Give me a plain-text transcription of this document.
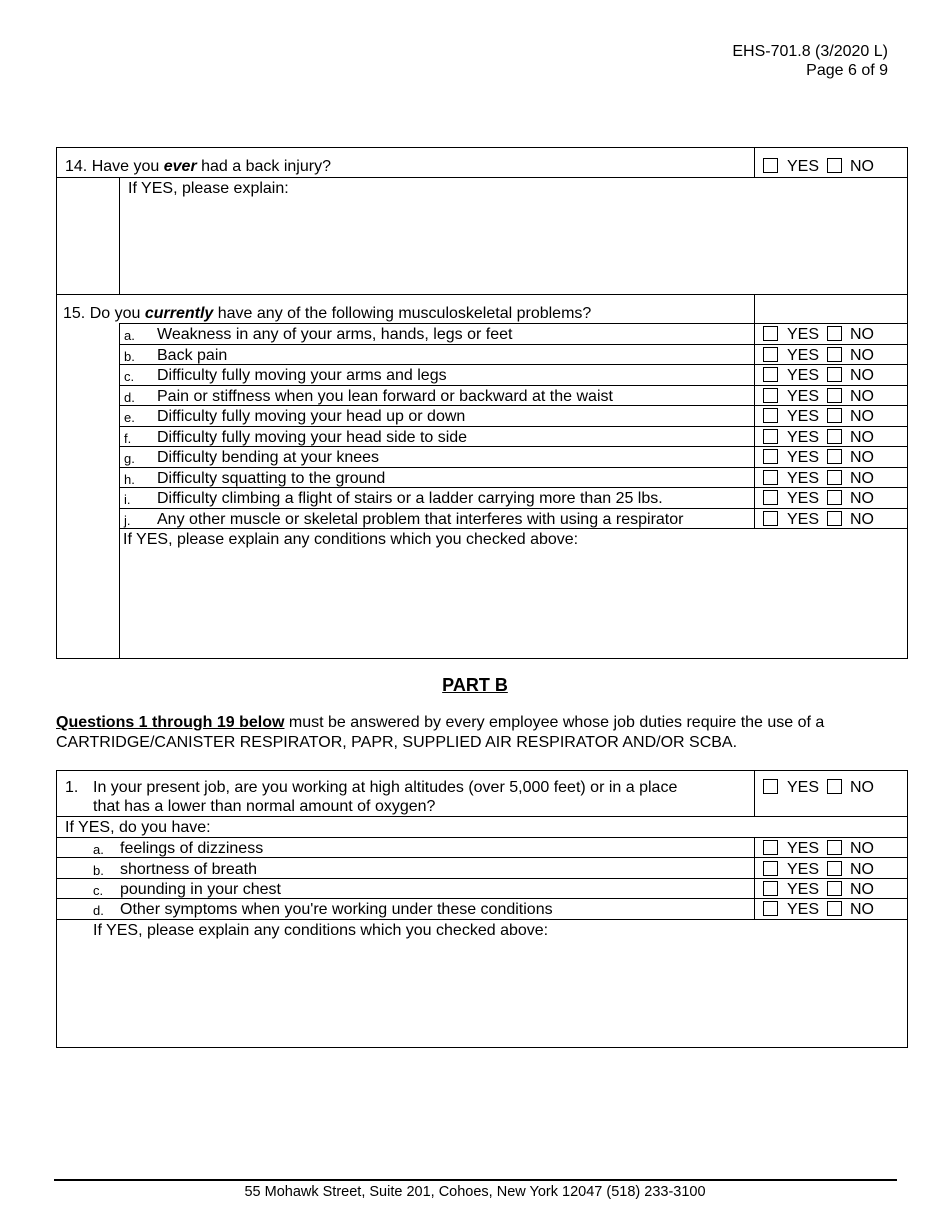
EHS-701.8 (3/2020 L)
Page 6 of 9
14. Have you ever had a back injury?	YES NO
If YES, please explain:
15. Do you currently have any of the following musculoskeletal problems?
a. Weakness in any of your arms, hands, legs or feet	YES NO
b. Back pain	YES NO
c. Difficulty fully moving your arms and legs	YES NO
d. Pain or stiffness when you lean forward or backward at the waist	YES NO
e. Difficulty fully moving your head up or down	YES NO
f. Difficulty fully moving your head side to side	YES NO
g. Difficulty bending at your knees	YES NO
h. Difficulty squatting to the ground	YES NO
i. Difficulty climbing a flight of stairs or a ladder carrying more than 25 lbs.	YES NO
j. Any other muscle or skeletal problem that interferes with using a respirator	YES NO
If YES, please explain any conditions which you checked above:
PART B
Questions 1 through 19 below must be answered by every employee whose job duties require the use of a CARTRIDGE/CANISTER RESPIRATOR, PAPR, SUPPLIED AIR RESPIRATOR AND/OR SCBA.
1. In your present job, are you working at high altitudes (over 5,000 feet) or in a place
that has a lower than normal amount of oxygen?
YES NO
If YES, do you have:
a. feelings of dizziness	YES NO
b. shortness of breath	YES NO
c. pounding in your chest	YES NO
d. Other symptoms when you're working under these conditions	YES NO
If YES, please explain any conditions which you checked above:
55 Mohawk Street, Suite 201, Cohoes, New York 12047 (518) 233-3100
